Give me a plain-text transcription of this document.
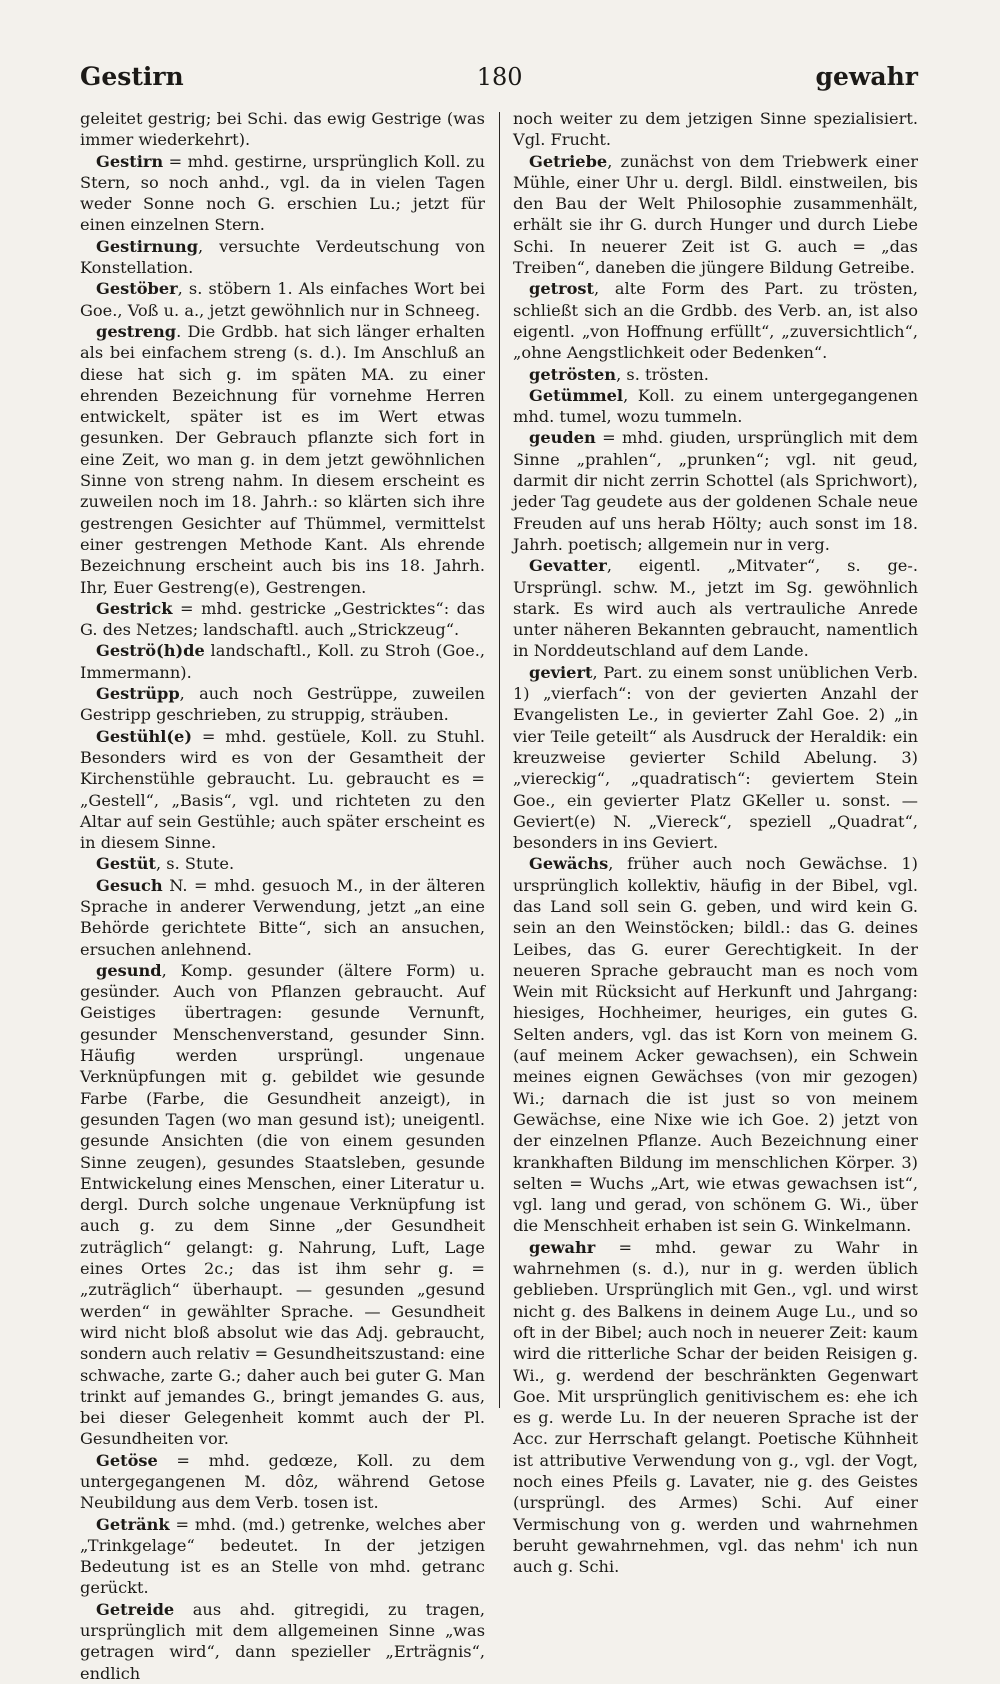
Gestirn	180	gewahr

geleitet gestrig; bei Schi. das ewig Gestrige (was immer wiederkehrt).

Gestirn = mhd. gestirne, ursprünglich Koll. zu Stern, so noch anhd., vgl. da in vielen Tagen weder Sonne noch G. erschien Lu.; jetzt für einen einzelnen Stern.

Gestirnung, versuchte Verdeutschung von Konstellation.

Gestöber, s. stöbern 1. Als einfaches Wort bei Goe., Voß u. a., jetzt gewöhnlich nur in Schneeg.

gestreng. Die Grdbb. hat sich länger erhalten als bei einfachem streng (s. d.). Im Anschluß an diese hat sich g. im späten MA. zu einer ehrenden Bezeichnung für vornehme Herren entwickelt, später ist es im Wert etwas gesunken. Der Gebrauch pflanzte sich fort in eine Zeit, wo man g. in dem jetzt gewöhnlichen Sinne von streng nahm. In diesem erscheint es zuweilen noch im 18. Jahrh.: so klärten sich ihre gestrengen Gesichter auf Thümmel, vermittelst einer gestrengen Methode Kant. Als ehrende Bezeichnung erscheint auch bis ins 18. Jahrh. Ihr, Euer Gestreng(e), Gestrengen.

Gestrick = mhd. gestricke „Gestricktes“: das G. des Netzes; landschaftl. auch „Strickzeug“.

Geströ(h)de landschaftl., Koll. zu Stroh (Goe., Immermann).

Gestrüpp, auch noch Gestrüppe, zuweilen Gestripp geschrieben, zu struppig, sträuben.

Gestühl(e) = mhd. gestüele, Koll. zu Stuhl. Besonders wird es von der Gesamtheit der Kirchenstühle gebraucht. Lu. gebraucht es = „Gestell“, „Basis“, vgl. und richteten zu den Altar auf sein Gestühle; auch später erscheint es in diesem Sinne.

Gestüt, s. Stute.

Gesuch N. = mhd. gesuoch M., in der älteren Sprache in anderer Verwendung, jetzt „an eine Behörde gerichtete Bitte“, sich an ansuchen, ersuchen anlehnend.

gesund, Komp. gesunder (ältere Form) u. gesünder. Auch von Pflanzen gebraucht. Auf Geistiges übertragen: gesunde Vernunft, gesunder Menschenverstand, gesunder Sinn. Häufig werden ursprüngl. ungenaue Verknüpfungen mit g. gebildet wie gesunde Farbe (Farbe, die Gesundheit anzeigt), in gesunden Tagen (wo man gesund ist); uneigentl. gesunde Ansichten (die von einem gesunden Sinne zeugen), gesundes Staatsleben, gesunde Entwickelung eines Menschen, einer Literatur u. dergl. Durch solche ungenaue Verknüpfung ist auch g. zu dem Sinne „der Gesundheit zuträglich“ gelangt: g. Nahrung, Luft, Lage eines Ortes 2c.; das ist ihm sehr g. = „zuträglich“ überhaupt. — gesunden „gesund werden“ in gewählter Sprache. — Gesundheit wird nicht bloß absolut wie das Adj. gebraucht, sondern auch relativ = Gesundheitszustand: eine schwache, zarte G.; daher auch bei guter G. Man trinkt auf jemandes G., bringt jemandes G. aus, bei dieser Gelegenheit kommt auch der Pl. Gesundheiten vor.

Getöse = mhd. gedœze, Koll. zu dem untergegangenen M. dôz, während Getose Neubildung aus dem Verb. tosen ist.

Getränk = mhd. (md.) getrenke, welches aber „Trinkgelage“ bedeutet. In der jetzigen Bedeutung ist es an Stelle von mhd. getranc gerückt.

Getreide aus ahd. gitregidi, zu tragen, ursprünglich mit dem allgemeinen Sinne „was getragen wird“, dann spezieller „Erträgnis“, endlich

noch weiter zu dem jetzigen Sinne spezialisiert. Vgl. Frucht.

Getriebe, zunächst von dem Triebwerk einer Mühle, einer Uhr u. dergl. Bildl. einstweilen, bis den Bau der Welt Philosophie zusammenhält, erhält sie ihr G. durch Hunger und durch Liebe Schi. In neuerer Zeit ist G. auch = „das Treiben“, daneben die jüngere Bildung Getreibe.

getrost, alte Form des Part. zu trösten, schließt sich an die Grdbb. des Verb. an, ist also eigentl. „von Hoffnung erfüllt“, „zuversichtlich“, „ohne Aengstlichkeit oder Bedenken“.

getrösten, s. trösten.

Getümmel, Koll. zu einem untergegangenen mhd. tumel, wozu tummeln.

geuden = mhd. giuden, ursprünglich mit dem Sinne „prahlen“, „prunken“; vgl. nit geud, darmit dir nicht zerrin Schottel (als Sprichwort), jeder Tag geudete aus der goldenen Schale neue Freuden auf uns herab Hölty; auch sonst im 18. Jahrh. poetisch; allgemein nur in verg.

Gevatter, eigentl. „Mitvater“, s. ge-. Ursprüngl. schw. M., jetzt im Sg. gewöhnlich stark. Es wird auch als vertrauliche Anrede unter näheren Bekannten gebraucht, namentlich in Norddeutschland auf dem Lande.

geviert, Part. zu einem sonst unüblichen Verb. 1) „vierfach“: von der gevierten Anzahl der Evangelisten Le., in gevierter Zahl Goe. 2) „in vier Teile geteilt“ als Ausdruck der Heraldik: ein kreuzweise gevierter Schild Abelung. 3) „viereckig“, „quadratisch“: geviertem Stein Goe., ein gevierter Platz GKeller u. sonst. — Geviert(e) N. „Viereck“, speziell „Quadrat“, besonders in ins Geviert.

Gewächs, früher auch noch Gewächse. 1) ursprünglich kollektiv, häufig in der Bibel, vgl. das Land soll sein G. geben, und wird kein G. sein an den Weinstöcken; bildl.: das G. deines Leibes, das G. eurer Gerechtigkeit. In der neueren Sprache gebraucht man es noch vom Wein mit Rücksicht auf Herkunft und Jahrgang: hiesiges, Hochheimer, heuriges, ein gutes G. Selten anders, vgl. das ist Korn von meinem G. (auf meinem Acker gewachsen), ein Schwein meines eignen Gewächses (von mir gezogen) Wi.; darnach die ist just so von meinem Gewächse, eine Nixe wie ich Goe. 2) jetzt von der einzelnen Pflanze. Auch Bezeichnung einer krankhaften Bildung im menschlichen Körper. 3) selten = Wuchs „Art, wie etwas gewachsen ist“, vgl. lang und gerad, von schönem G. Wi., über die Menschheit erhaben ist sein G. Winkelmann.

gewahr = mhd. gewar zu Wahr in wahrnehmen (s. d.), nur in g. werden üblich geblieben. Ursprünglich mit Gen., vgl. und wirst nicht g. des Balkens in deinem Auge Lu., und so oft in der Bibel; auch noch in neuerer Zeit: kaum wird die ritterliche Schar der beiden Reisigen g. Wi., g. werdend der beschränkten Gegenwart Goe. Mit ursprünglich genitivischem es: ehe ich es g. werde Lu. In der neueren Sprache ist der Acc. zur Herrschaft gelangt. Poetische Kühnheit ist attributive Verwendung von g., vgl. der Vogt, noch eines Pfeils g. Lavater, nie g. des Geistes (ursprüngl. des Armes) Schi. Auf einer Vermischung von g. werden und wahrnehmen beruht gewahrnehmen, vgl. das nehm' ich nun auch g. Schi.
